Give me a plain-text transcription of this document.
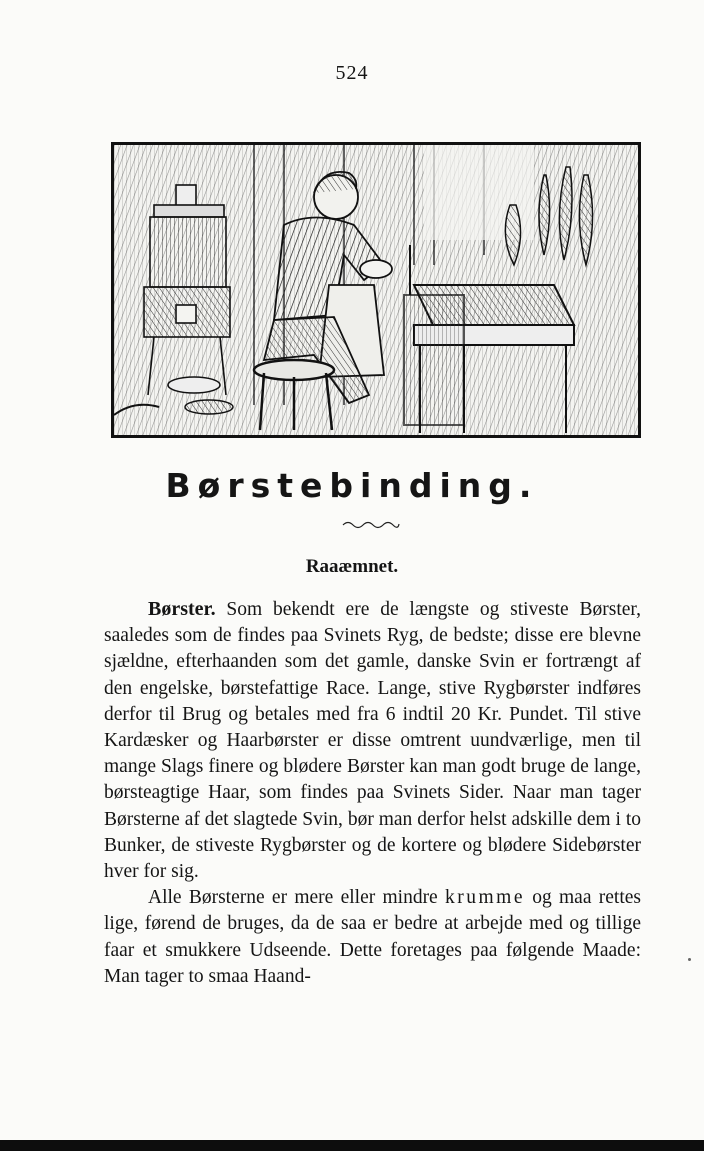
524
Børstebinding.
Raaæmnet.

Børster. Som bekendt ere de længste og stiveste Børster, saaledes som de findes paa Svinets Ryg, de bedste; disse ere blevne sjældne, efterhaanden som det gamle, danske Svin er fortrængt af den engelske, børstefattige Race. Lange, stive Rygbørster indføres derfor til Brug og betales med fra 6 indtil 20 Kr. Pundet. Til stive Kardæsker og Haarbørster er disse omtrent uundværlige, men til mange Slags finere og blødere Børster kan man godt bruge de lange, børsteagtige Haar, som findes paa Svinets Sider. Naar man tager Børsterne af det slagtede Svin, bør man derfor helst adskille dem i to Bunker, de stiveste Rygbørster og de kortere og blødere Sidebørster hver for sig.

Alle Børsterne er mere eller mindre krumme og maa rettes lige, førend de bruges, da de saa er bedre at arbejde med og tillige faar et smukkere Udseende. Dette foretages paa følgende Maade: Man tager to smaa Haand-
